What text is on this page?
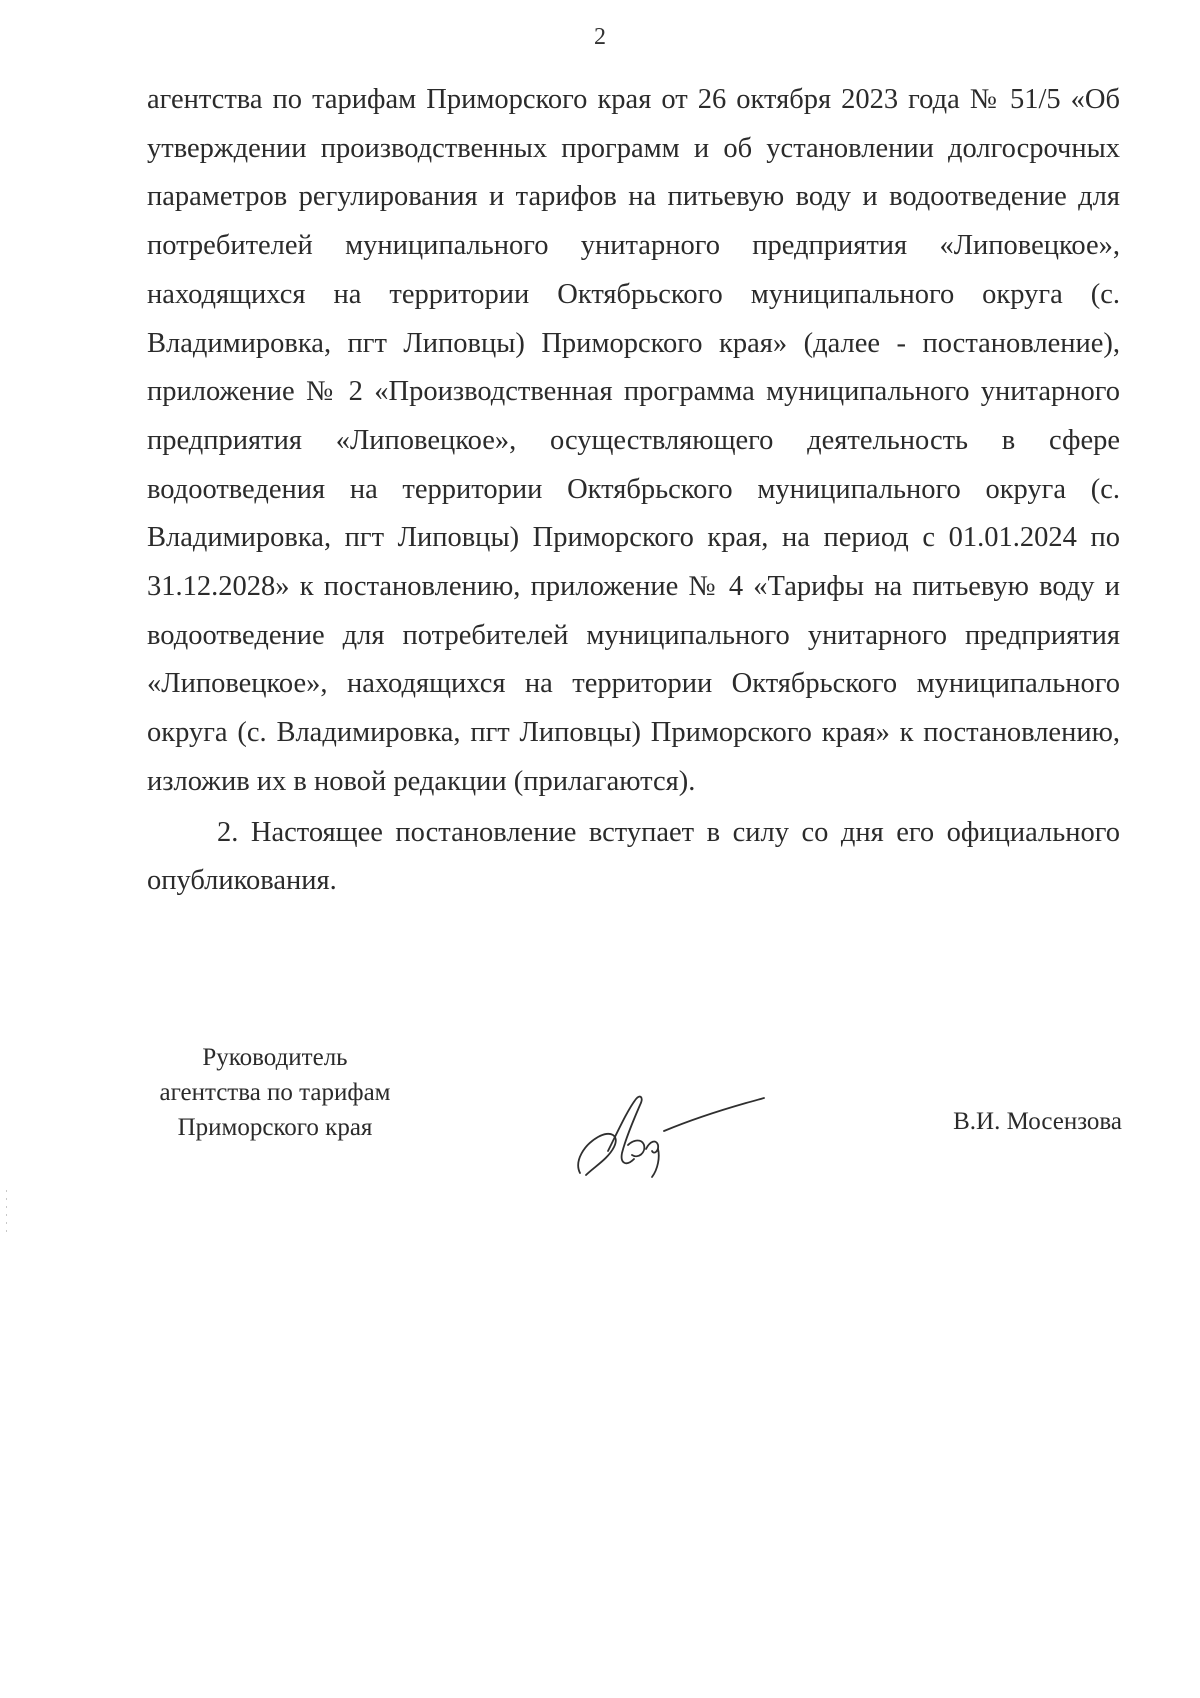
2

агентства по тарифам Приморского края от 26 октября 2023 года № 51/5 «Об утверждении производственных программ и об установлении долгосрочных параметров регулирования и тарифов на питьевую воду и водоотведение для потребителей муниципального унитарного предприятия «Липовецкое», находящихся на территории Октябрьского муниципального округа (с. Владимировка, пгт Липовцы) Приморского края» (далее - постановление), приложение № 2 «Производственная программа муниципального унитарного предприятия «Липовецкое», осуществляющего деятельность в сфере водоотведения на территории Октябрьского муниципального округа (с. Владимировка, пгт Липовцы) Приморского края, на период с 01.01.2024 по 31.12.2028» к постановлению, приложение № 4 «Тарифы на питьевую воду и водоотведение для потребителей муниципального унитарного предприятия «Липовецкое», находящихся на территории Октябрьского муниципального округа (с. Владимировка, пгт Липовцы) Приморского края» к постановлению, изложив их в новой редакции (прилагаются).

2. Настоящее постановление вступает в силу со дня его официального опубликования.

Руководитель
агентства по тарифам
Приморского края	В.И. Мосензова
